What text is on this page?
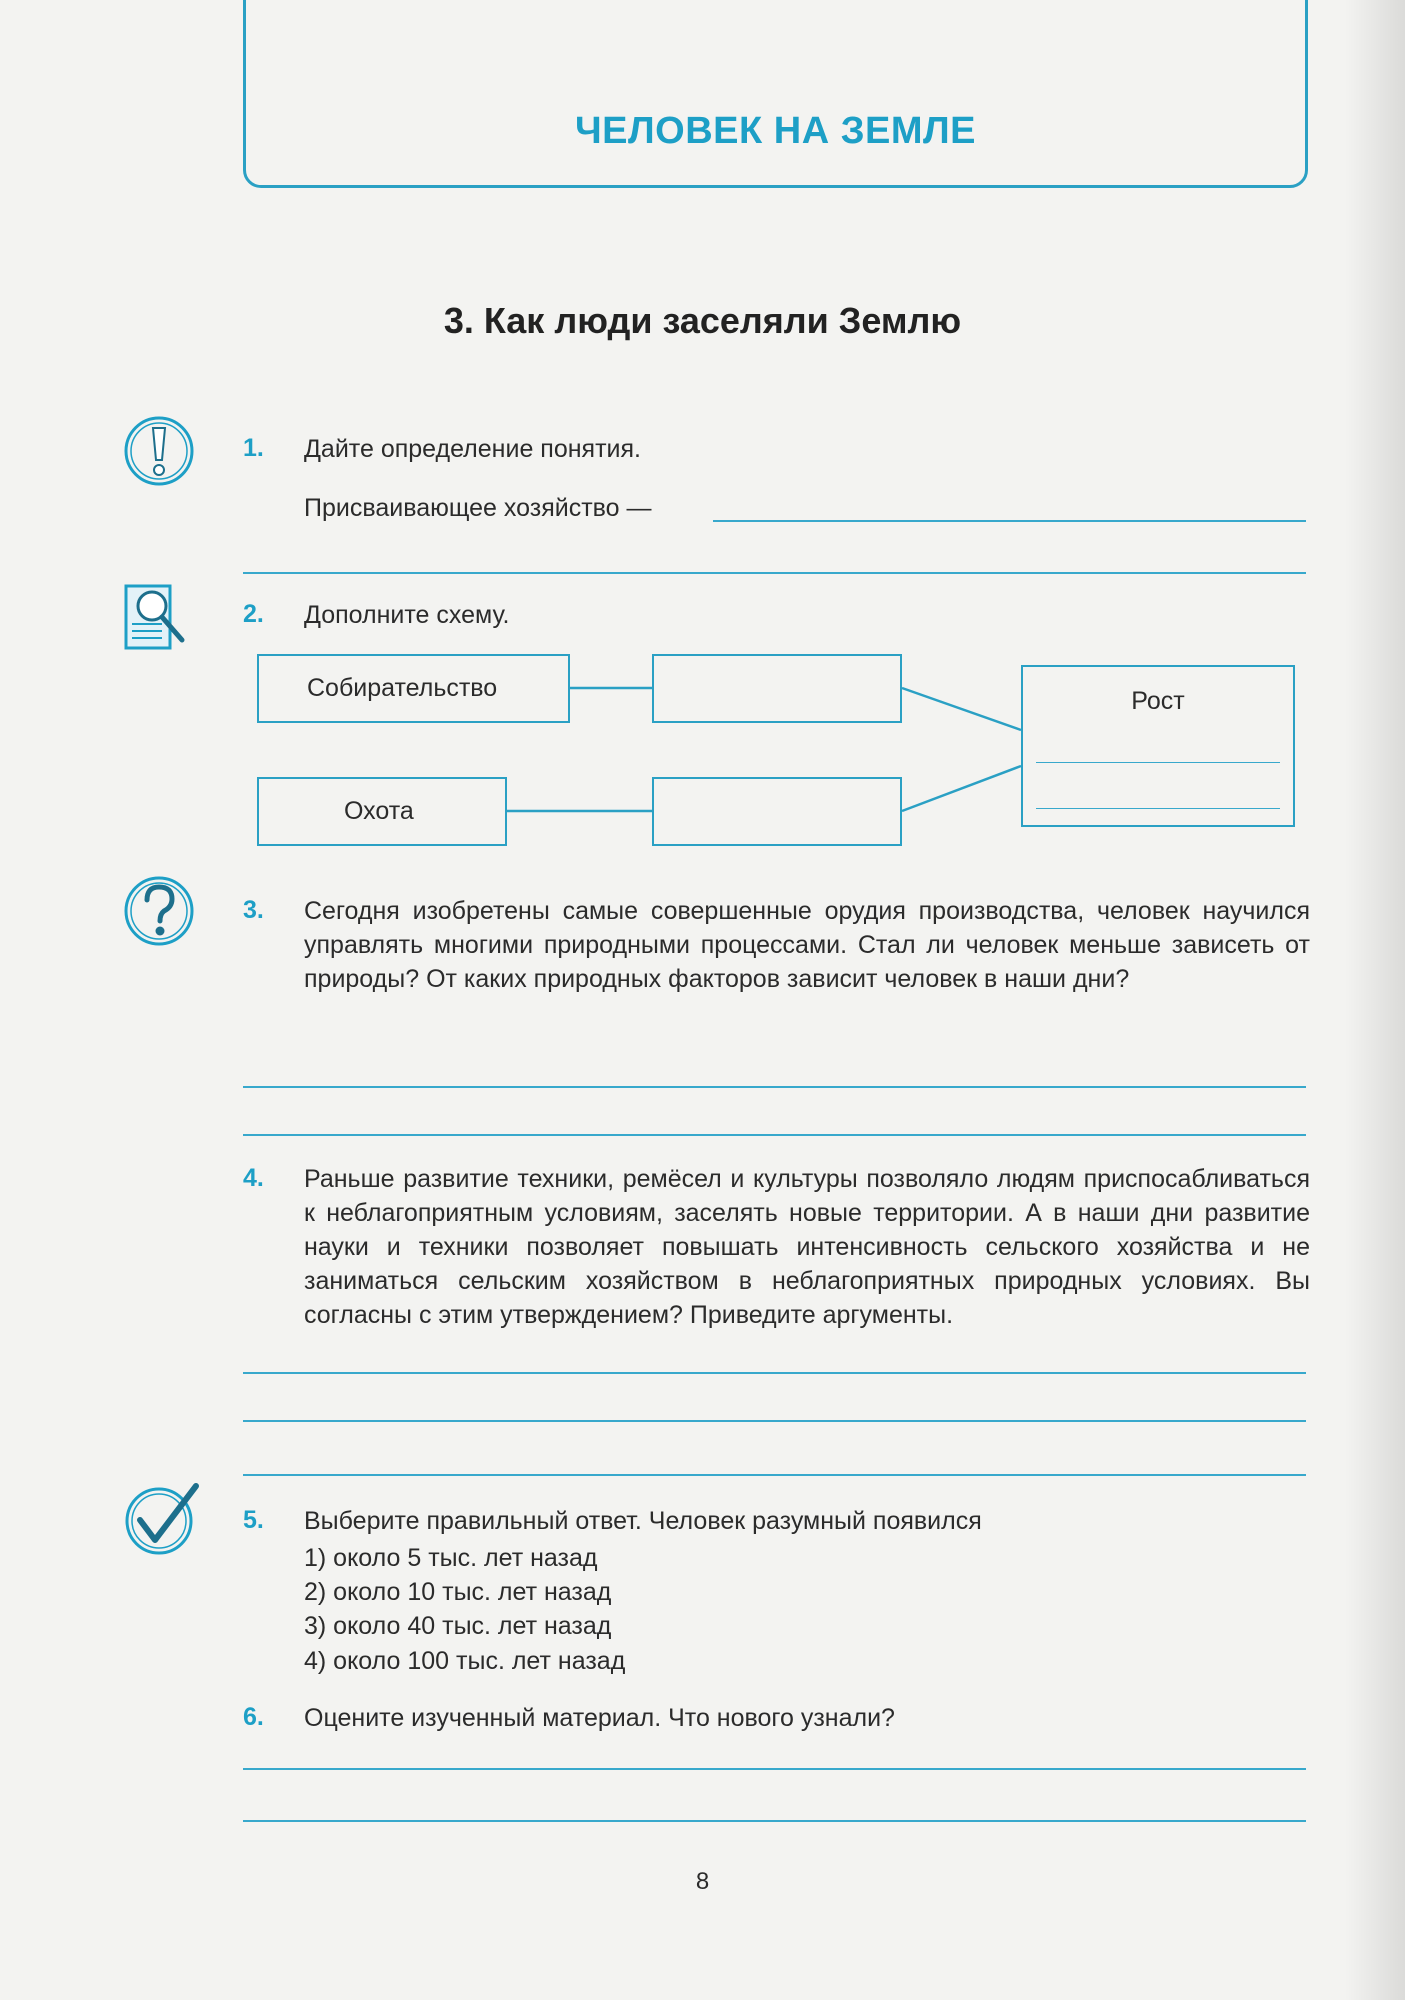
ЧЕЛОВЕК НА ЗЕМЛЕ
3. Как люди заселяли Землю
1. Дайте определение понятия.
Присваивающее хозяйство —
2. Дополните схему.
Собирательство
Охота
Рост
3. Сегодня изобретены самые совершенные орудия производства, человек научился управлять многими природными процессами. Стал ли человек меньше зависеть от природы? От каких природных факторов зависит человек в наши дни?
4. Раньше развитие техники, ремёсел и культуры позволяло людям приспосабливаться к неблагоприятным условиям, заселять новые территории. А в наши дни развитие науки и техники позволяет повышать интенсивность сельского хозяйства и не заниматься сельским хозяйством в неблагоприятных природных условиях. Вы согласны с этим утверждением? Приведите аргументы.
5. Выберите правильный ответ. Человек разумный появился
1) около 5 тыс. лет назад
2) около 10 тыс. лет назад
3) около 40 тыс. лет назад
4) около 100 тыс. лет назад
6. Оцените изученный материал. Что нового узнали?
8
